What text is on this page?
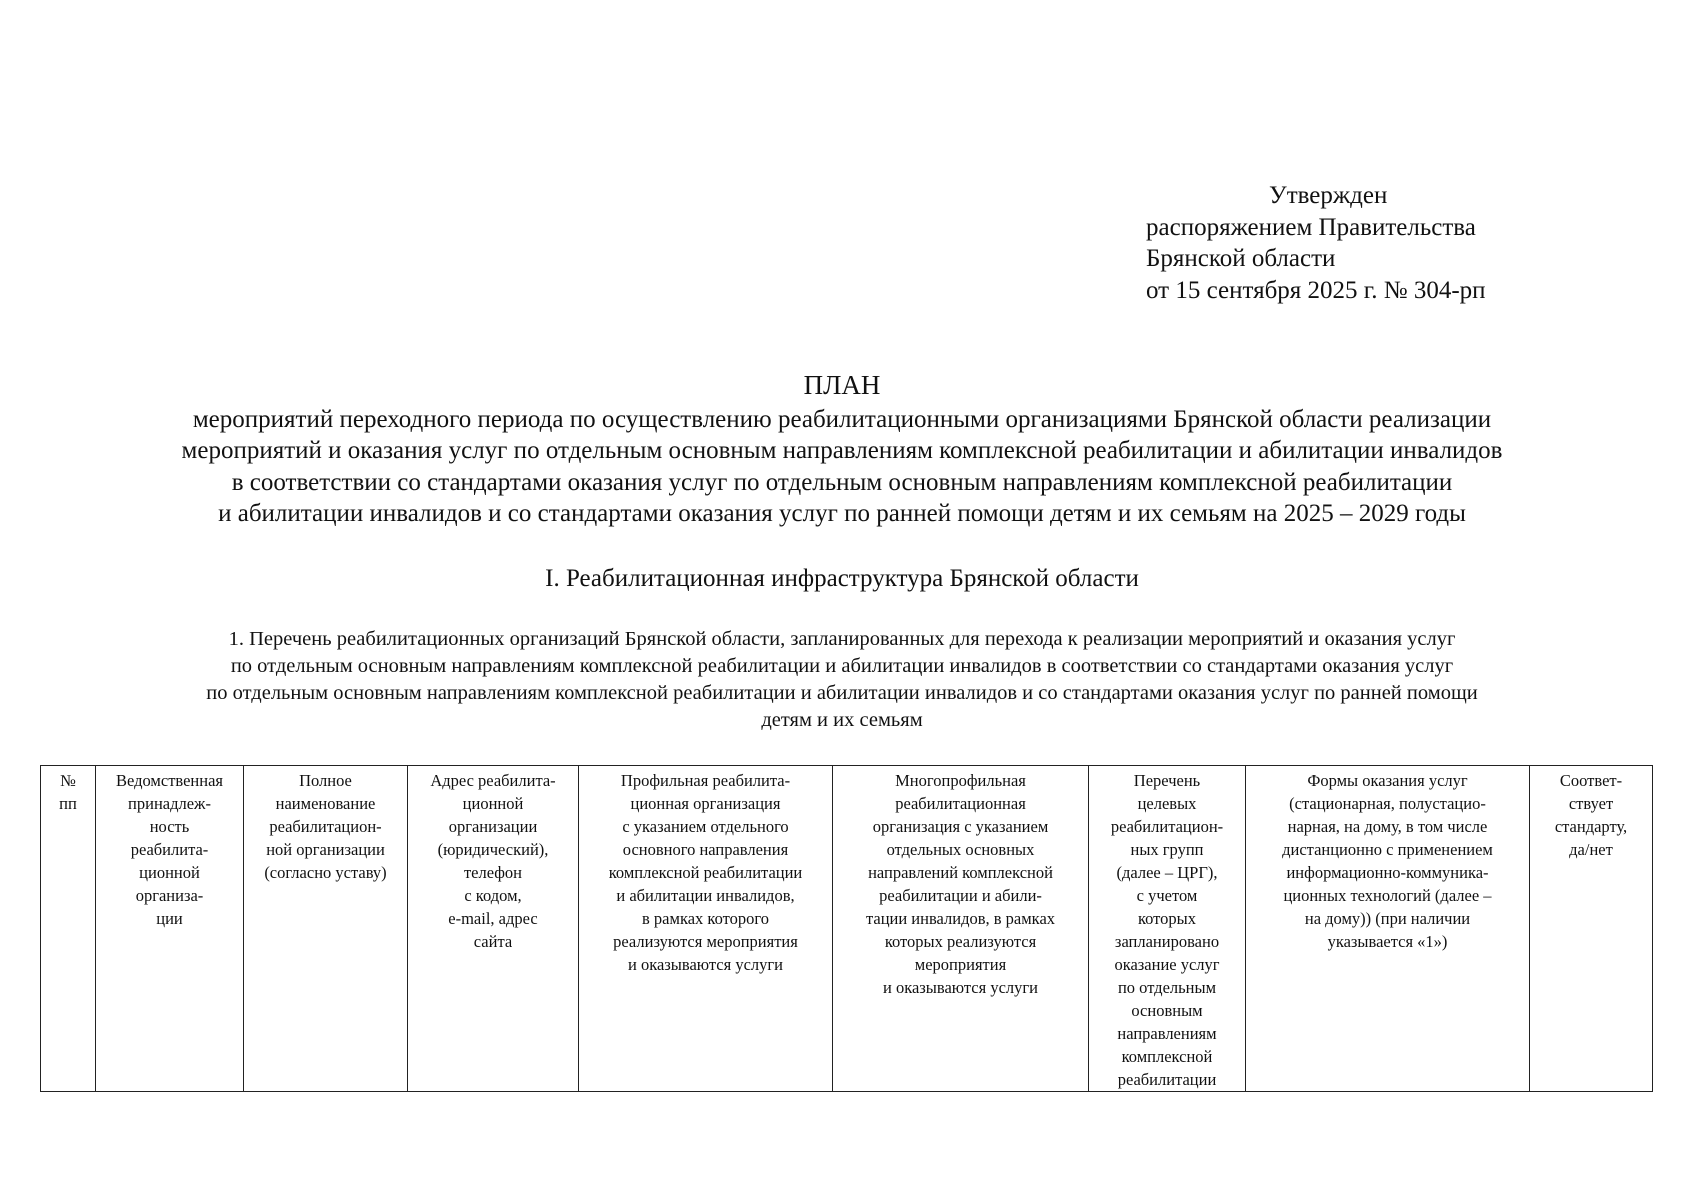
Утвержден
распоряжением Правительства
Брянской области
от 15 сентября 2025 г. № 304-рп
ПЛАН
мероприятий переходного периода по осуществлению реабилитационными организациями Брянской области реализации
мероприятий и оказания услуг по отдельным основным направлениям комплексной реабилитации и абилитации инвалидов
в соответствии со стандартами оказания услуг по отдельным основным направлениям комплексной реабилитации
и абилитации инвалидов и со стандартами оказания услуг по ранней помощи детям и их семьям на 2025 – 2029 годы
I. Реабилитационная инфраструктура Брянской области
1. Перечень реабилитационных организаций Брянской области, запланированных для перехода к реализации мероприятий и оказания услуг
по отдельным основным направлениям комплексной реабилитации и абилитации инвалидов в соответствии со стандартами оказания услуг
по отдельным основным направлениям комплексной реабилитации и абилитации инвалидов и со стандартами оказания услуг по ранней помощи
детям и их семьям
№
пп

Ведомственная
принадлеж-
ность
реабилита-
ционной
организа-
ции

Полное
наименование
реабилитацион-
ной организации
(согласно уставу)

Адрес реабилита-
ционной
организации
(юридический),
телефон
с кодом,
e-mail, адрес
сайта

Профильная реабилита-
ционная организация
с указанием отдельного
основного направления
комплексной реабилитации
и абилитации инвалидов,
в рамках которого
реализуются мероприятия
и оказываются услуги

Многопрофильная
реабилитационная
организация с указанием
отдельных основных
направлений комплексной
реабилитации и абили-
тации инвалидов, в рамках
которых реализуются
мероприятия
и оказываются услуги

Перечень
целевых
реабилитацион-
ных групп
(далее – ЦРГ),
с учетом
которых
запланировано
оказание услуг
по отдельным
основным
направлениям
комплексной
реабилитации

Формы оказания услуг
(стационарная, полустацио-
нарная, на дому, в том числе
дистанционно с применением
информационно-коммуника-
ционных технологий (далее –
на дому)) (при наличии
указывается «1»)

Соответ-
ствует
стандарту,
да/нет
